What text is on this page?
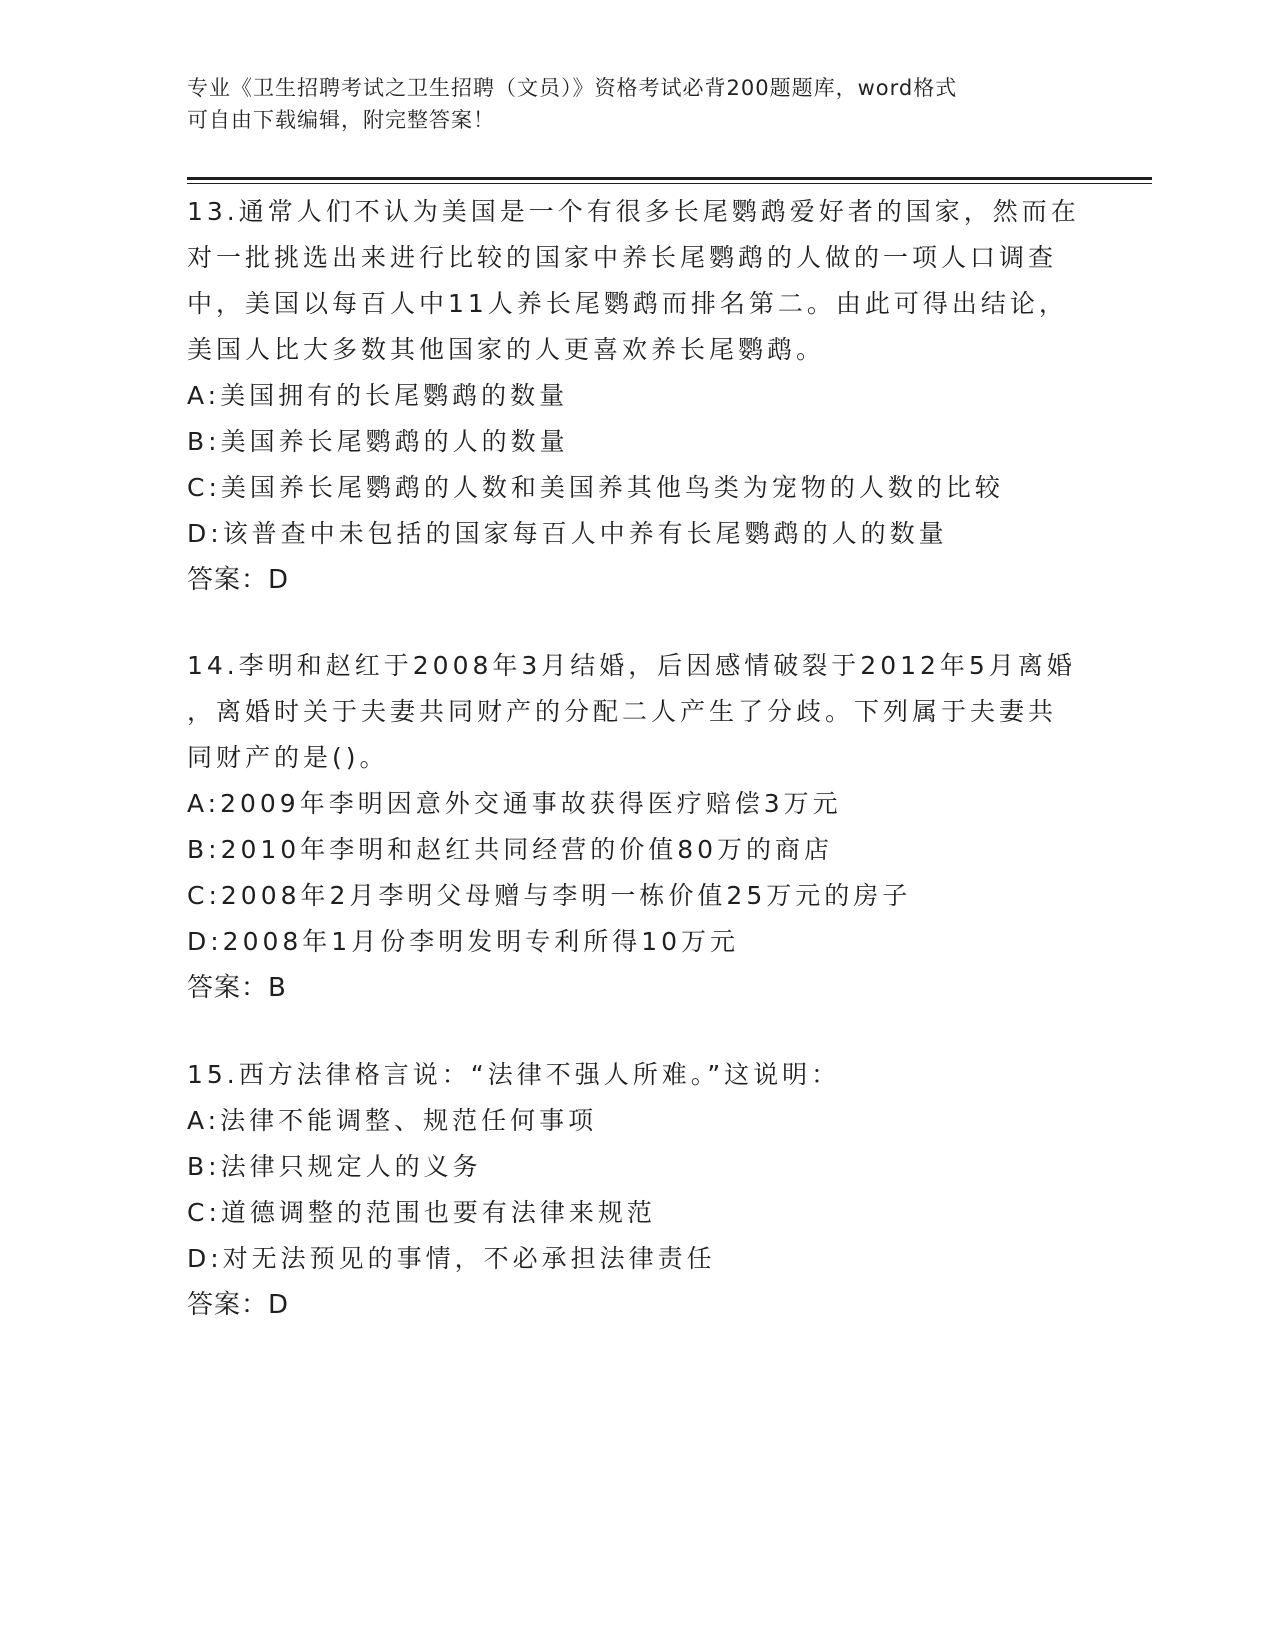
专业《卫生招聘考试之卫生招聘（文员）》资格考试必背200题题库，word格式
可自由下载编辑，附完整答案！
13.通常人们不认为美国是一个有很多长尾鹦鹉爱好者的国家，然而在
对一批挑选出来进行比较的国家中养长尾鹦鹉的人做的一项人口调查
中，美国以每百人中11人养长尾鹦鹉而排名第二。由此可得出结论，
美国人比大多数其他国家的人更喜欢养长尾鹦鹉。
A:美国拥有的长尾鹦鹉的数量
B:美国养长尾鹦鹉的人的数量
C:美国养长尾鹦鹉的人数和美国养其他鸟类为宠物的人数的比较
D:该普查中未包括的国家每百人中养有长尾鹦鹉的人的数量
答案：D
14.李明和赵红于2008年3月结婚，后因感情破裂于2012年5月离婚
，离婚时关于夫妻共同财产的分配二人产生了分歧。下列属于夫妻共
同财产的是()。
A:2009年李明因意外交通事故获得医疗赔偿3万元
B:2010年李明和赵红共同经营的价值80万的商店
C:2008年2月李明父母赠与李明一栋价值25万元的房子
D:2008年1月份李明发明专利所得10万元
答案：B
15.西方法律格言说：“法律不强人所难。”这说明：
A:法律不能调整、规范任何事项
B:法律只规定人的义务
C:道德调整的范围也要有法律来规范
D:对无法预见的事情，不必承担法律责任
答案：D
